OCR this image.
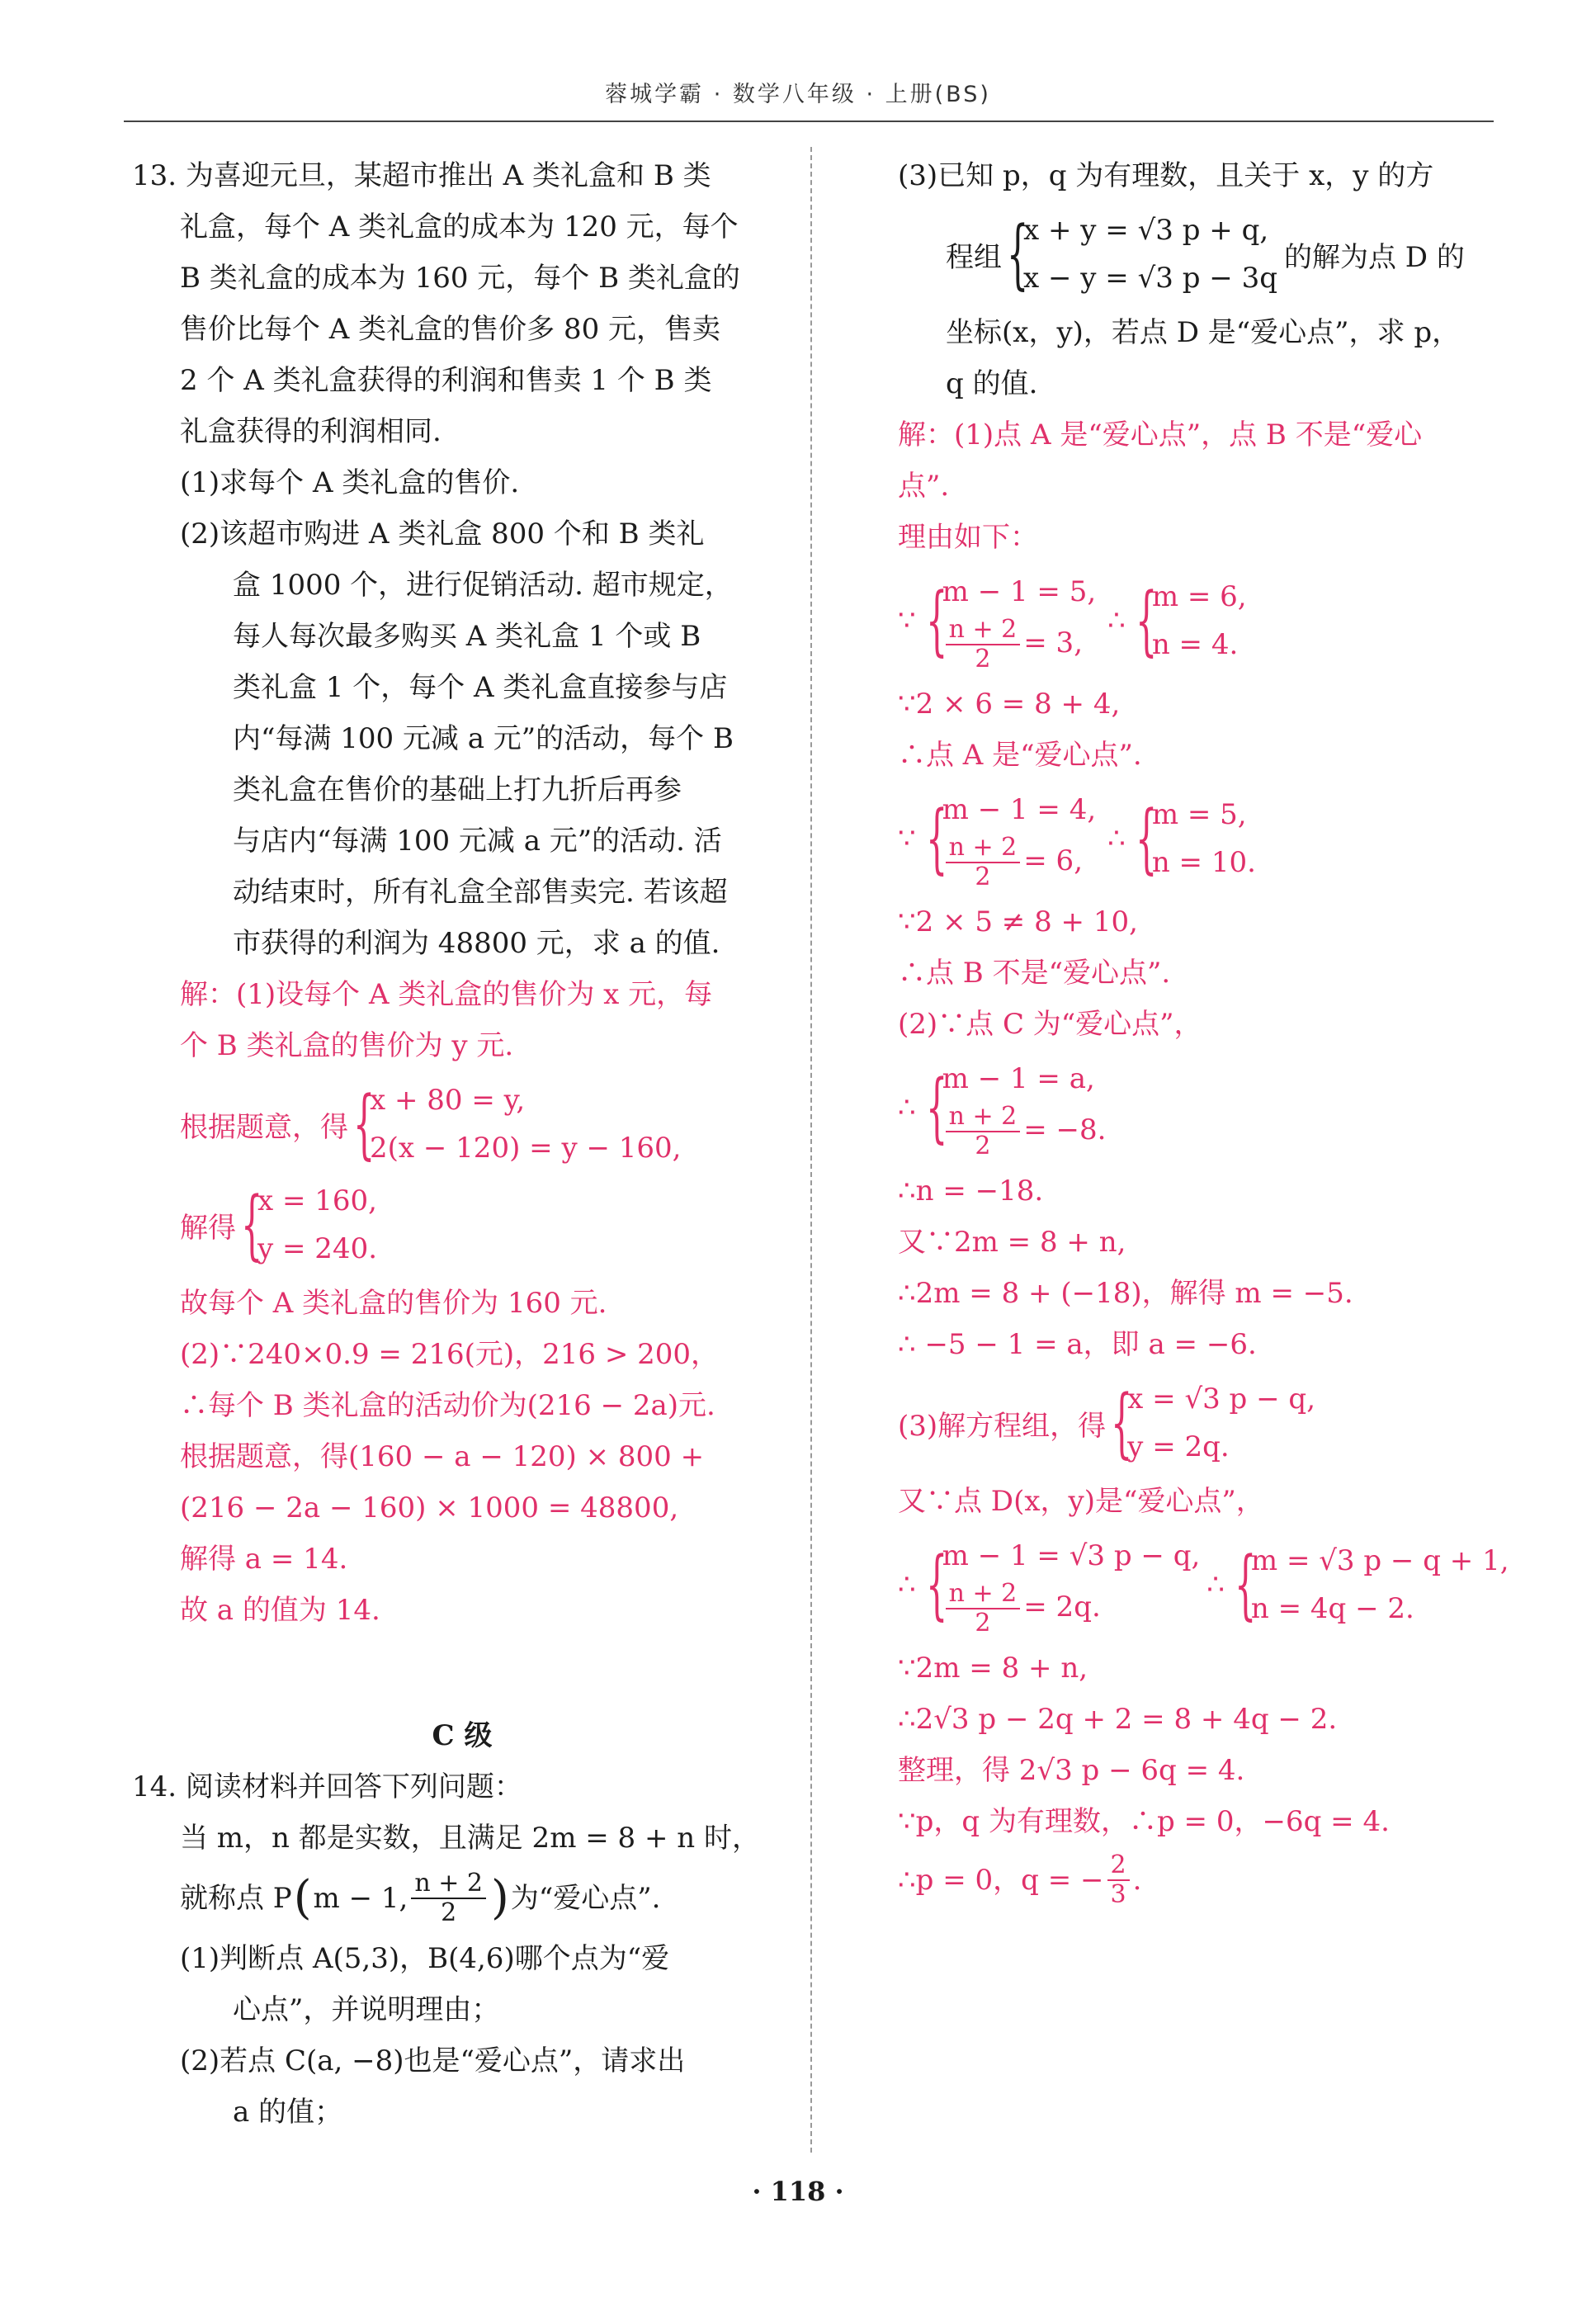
蓉城学霸 · 数学八年级 · 上册(BS)
13. 为喜迎元旦，某超市推出 A 类礼盒和 B 类
礼盒，每个 A 类礼盒的成本为 120 元，每个
B 类礼盒的成本为 160 元，每个 B 类礼盒的
售价比每个 A 类礼盒的售价多 80 元，售卖
2 个 A 类礼盒获得的利润和售卖 1 个 B 类
礼盒获得的利润相同.
(1)求每个 A 类礼盒的售价.
(2)该超市购进 A 类礼盒 800 个和 B 类礼
盒 1000 个，进行促销活动. 超市规定，
每人每次最多购买 A 类礼盒 1 个或 B
类礼盒 1 个，每个 A 类礼盒直接参与店
内“每满 100 元减 a 元”的活动，每个 B
类礼盒在售价的基础上打九折后再参
与店内“每满 100 元减 a 元”的活动. 活
动结束时，所有礼盒全部售卖完. 若该超
市获得的利润为 48800 元，求 a 的值.
解：(1)设每个 A 类礼盒的售价为 x 元，每
个 B 类礼盒的售价为 y 元.
根据题意，得 {
x + 80 = y,
2(x − 120) = y − 160,
解得 {
x = 160,
y = 240.
故每个 A 类礼盒的售价为 160 元.
(2)∵240×0.9 = 216(元)，216 > 200，
∴每个 B 类礼盒的活动价为(216 − 2a)元.
根据题意，得(160 − a − 120) × 800 +
(216 − 2a − 160) × 1000 = 48800,
解得 a = 14.
故 a 的值为 14.
C 级
14. 阅读材料并回答下列问题：
当 m，n 都是实数，且满足 2m = 8 + n 时，
就称点 P ( m − 1, $\frac{n + 2}{2}$ ) 为“爱心点”.
(1)判断点 A(5,3)，B(4,6)哪个点为“爱
心点”，并说明理由；
(2)若点 C(a, −8)也是“爱心点”，请求出
a 的值；
(3)已知 p，q 为有理数，且关于 x，y 的方
程组 {
x + y = √3 p + q,
x − y = √3 p − 3q
的解为点 D 的
坐标(x，y)，若点 D 是“爱心点”，求 p，
q 的值.
解：(1)点 A 是“爱心点”，点 B 不是“爱心
点”.
理由如下：
∵ {
m − 1 = 5,
$\frac{n + 2}{2} = 3$,
∴ {
m = 6,
n = 4.
∵2 × 6 = 8 + 4,
∴点 A 是“爱心点”.
∵ {
m − 1 = 4,
$\frac{n + 2}{2} = 6$,
∴ {
m = 5,
n = 10.
∵2 × 5 ≠ 8 + 10,
∴点 B 不是“爱心点”.
(2)∵点 C 为“爱心点”，
∴ {
m − 1 = a,
$\frac{n + 2}{2} = -8$.
∴n = −18.
又∵2m = 8 + n,
∴2m = 8 + (−18)，解得 m = −5.
∴ −5 − 1 = a，即 a = −6.
(3)解方程组，得 {
x = √3 p − q,
y = 2q.
又∵点 D(x，y)是“爱心点”，
∴ {
m − 1 = √3 p − q,
$\frac{n + 2}{2} = 2q$.
∴ {
m = √3 p − q + 1,
n = 4q − 2.
∵2m = 8 + n,
∴2√3 p − 2q + 2 = 8 + 4q − 2.
整理，得 2√3 p − 6q = 4.
∵p，q 为有理数，∴p = 0，−6q = 4.
∴p = 0，q = − $\frac{2}{3}$ .
· 118 ·
